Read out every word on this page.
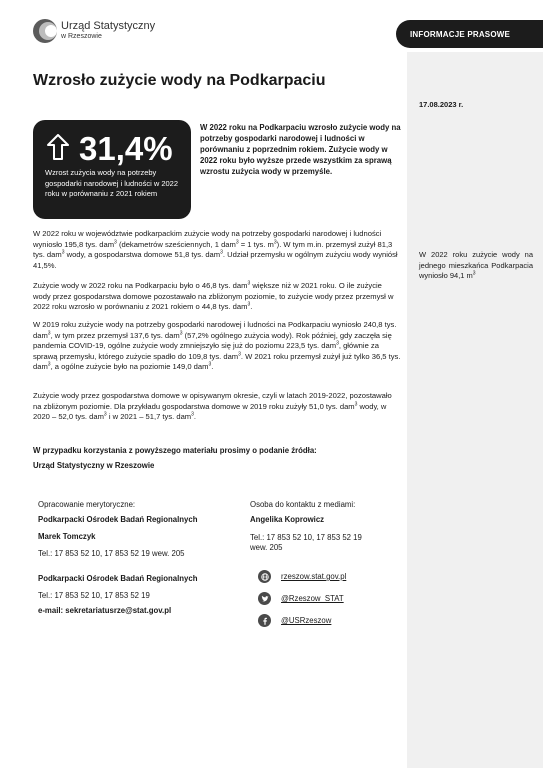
Urząd Statystyczny
w Rzeszowie	INFORMACJE PRASOWE
Wzrosło zużycie wody na Podkarpaciu
17.08.2023 r.
31,4%
Wzrost zużycia wody na potrzeby gospodarki narodowej i ludności w 2022 roku w porównaniu z 2021 rokiem
W 2022 roku na Podkarpaciu wzrosło zużycie wody na potrzeby gospodarki narodowej i ludności w porównaniu z poprzednim rokiem. Zużycie wody w 2022 roku było wyższe przede wszystkim za sprawą wzrostu zużycia wody w przemyśle.
W 2022 roku w województwie podkarpackim zużycie wody na potrzeby gospodarki narodowej i ludności wyniosło 195,8 tys. dam$^3$ (dekametrów sześciennych, 1 dam$^3$ = 1 tys. $m^3$). W tym m.in. przemysł zużył 81,3 tys. dam$^3$ wody, a gospodarstwa domowe 51,8 tys. dam$^3$. Udział przemysłu w ogólnym zużyciu wody wyniósł 41,5%.
Zużycie wody w 2022 roku na Podkarpaciu było o 46,8 tys. dam$^3$ większe niż w 2021 roku. O ile zużycie wody przez gospodarstwa domowe pozostawało na zbliżonym poziomie, to zużycie wody przez przemysł w 2022 roku wzrosło w porównaniu z 2021 rokiem o 44,8 tys. dam$^3$.
W 2019 roku zużycie wody na potrzeby gospodarki narodowej i ludności na Podkarpaciu wyniosło 240,8 tys. dam$^3$, w tym przez przemysł 137,6 tys. dam$^3$ (57,2% ogólnego zużycia wody). Rok później, gdy zaczęła się pandemia COVID-19, ogólne zużycie wody zmniejszyło się już do poziomu 223,5 tys. dam$^3$, głównie za sprawą przemysłu, którego zużycie spadło do 109,8 tys. dam$^3$. W 2021 roku przemysł zużył już tylko 36,5 tys. dam$^3$, a ogólne zużycie było na poziomie 149,0 dam$^3$.
Zużycie wody przez gospodarstwa domowe w opisywanym okresie, czyli w latach 2019-2022, pozostawało na zbliżonym poziomie. Dla przykładu gospodarstwa domowe w 2019 roku zużyły 51,0 tys. dam$^3$ wody, w 2020 – 52,0 tys. dam$^3$ i w 2021 – 51,7 tys. dam$^3$.
W 2022 roku zużycie wody na jednego mieszkańca Podkarpacia wyniosło 94,1 $m^3$
W przypadku korzystania z powyższego materiału prosimy o podanie źródła:
Urząd Statystyczny w Rzeszowie
Opracowanie merytoryczne:
Podkarpacki Ośrodek Badań Regionalnych
Marek Tomczyk
Tel.: 17 853 52 10, 17 853 52 19 wew. 205
Podkarpacki Ośrodek Badań Regionalnych
Tel.: 17 853 52 10, 17 853 52 19
e-mail: sekretariatusrze@stat.gov.pl
Osoba do kontaktu z mediami:
Angelika Koprowicz
Tel.: 17 853 52 10, 17 853 52 19
wew. 205
rzeszow.stat.gov.pl
@Rzeszow_STAT
@USRzeszow
